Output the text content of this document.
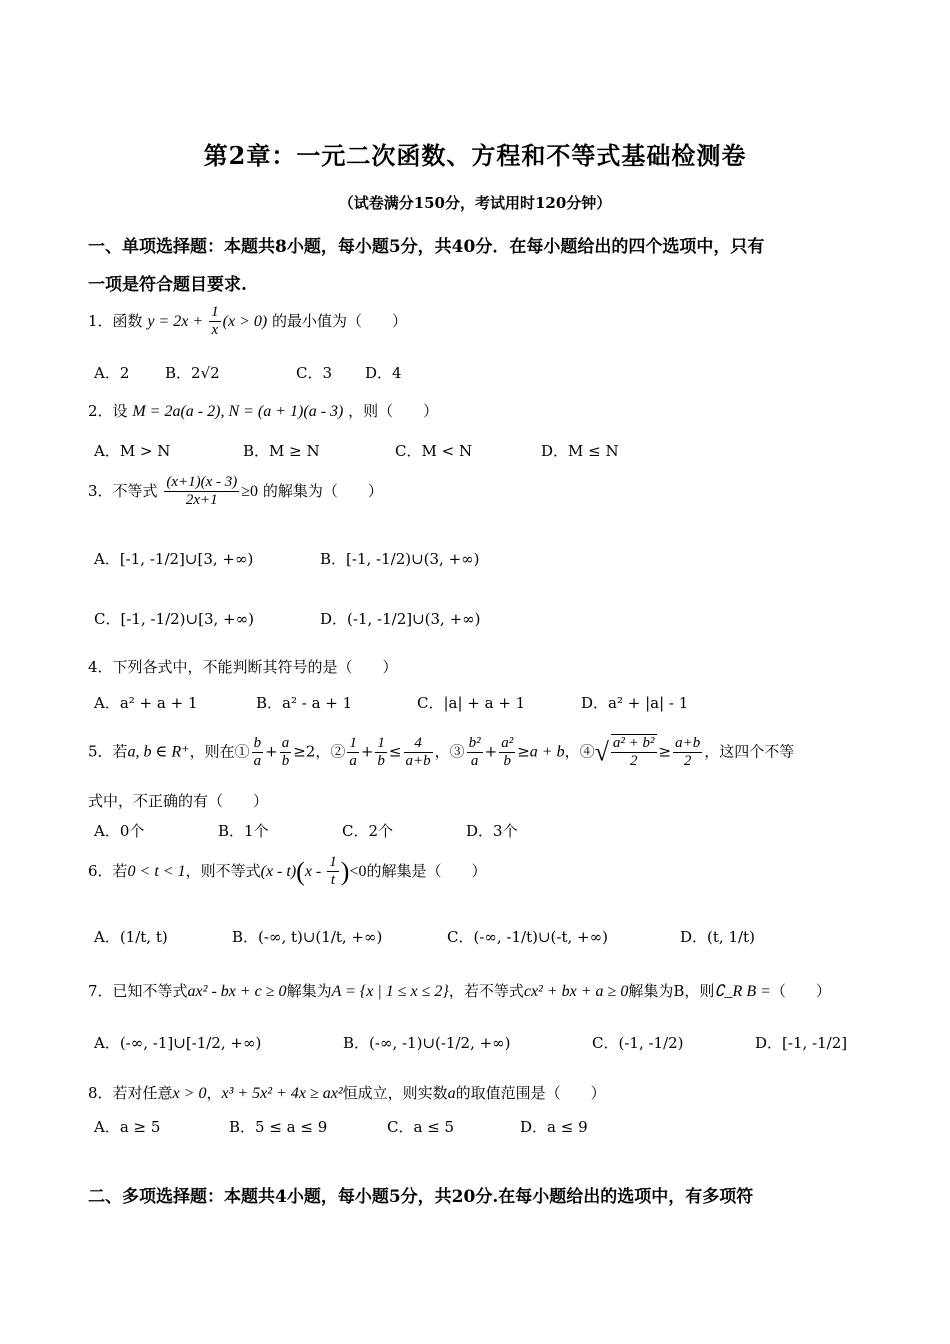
第2章：一元二次函数、方程和不等式基础检测卷
（试卷满分150分，考试用时120分钟）
一、单项选择题：本题共8小题，每小题5分，共40分．在每小题给出的四个选项中，只有
一项是符合题目要求.
1．函数 $y = 2x + \frac{1}{x} (x > 0)$ 的最小值为（　　）
A．2 B．2√2	C．3 D．4
2．设 M = 2a(a - 2), N = (a + 1)(a - 3) ，则（　　）
A．M > N	B．M ≥ N	C．M < N	D．M ≤ N
3．不等式 $\frac{(x+1)(x - 3)}{2x+1} \ge 0$ 的解集为（　　）
A．[-1, -1/2]∪[3, +∞)	B．[-1, -1/2)∪(3, +∞)
C．[-1, -1/2)∪[3, +∞)	D．(-1, -1/2]∪(3, +∞)
4．下列各式中，不能判断其符号的是（　　）
A．a² + a + 1	B．a² - a + 1	C．|a| + a + 1	D．a² + |a| - 1
5．若a, b ∈ R⁺，则在① $\frac{b}{a} + \frac{a}{b} \ge 2$，② $\frac{1}{a} + \frac{1}{b} \le \frac{4}{a+b}$ ，③ $\frac{\text{b²}}{a} + \frac{\text{a²}}{b} \ge a + b$，④√ $\frac{\text{a² + b²}}{2} \ge \frac{a+b}{2}$ ，这四个不等
式中，不正确的有（　　）
A．0个	B．1个	C．2个	D．3个
6．若0 < t < 1，则不等式$(x - t)(x - \frac{1}{t} )<0$的解集是（　　）
A．(1/t, t)	B．(-∞, t)∪(1/t, +∞)	C．(-∞, -1/t)∪(-t, +∞)	D．(t, 1/t)
7．已知不等式ax² - bx + c ≥ 0解集为A = {x | 1 ≤ x ≤ 2}，若不等式cx² + bx + a ≥ 0解集为B，则∁_R B =（　　）
A．(-∞, -1]∪[-1/2, +∞)	B．(-∞, -1)∪(-1/2, +∞)	C．(-1, -1/2)	D．[-1, -1/2]
8．若对任意x > 0，x³ + 5x² + 4x ≥ ax²恒成立，则实数a的取值范围是（　　）
A．a ≥ 5	B．5 ≤ a ≤ 9	C．a ≤ 5	D．a ≤ 9
二、多项选择题：本题共4小题，每小题5分，共20分.在每小题给出的选项中，有多项符
